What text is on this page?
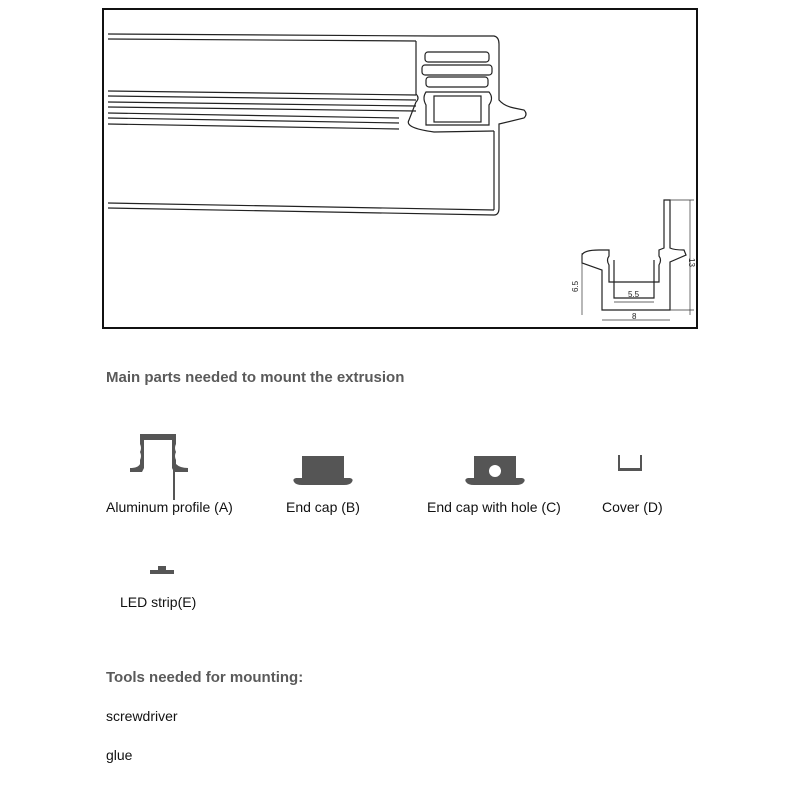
13
6.5
5.5
8
Main parts needed to mount the extrusion
Aluminum profile (A)	End cap (B)	End cap with hole (C)	Cover (D)
LED strip(E)
Tools needed for mounting:
screwdriver
glue
